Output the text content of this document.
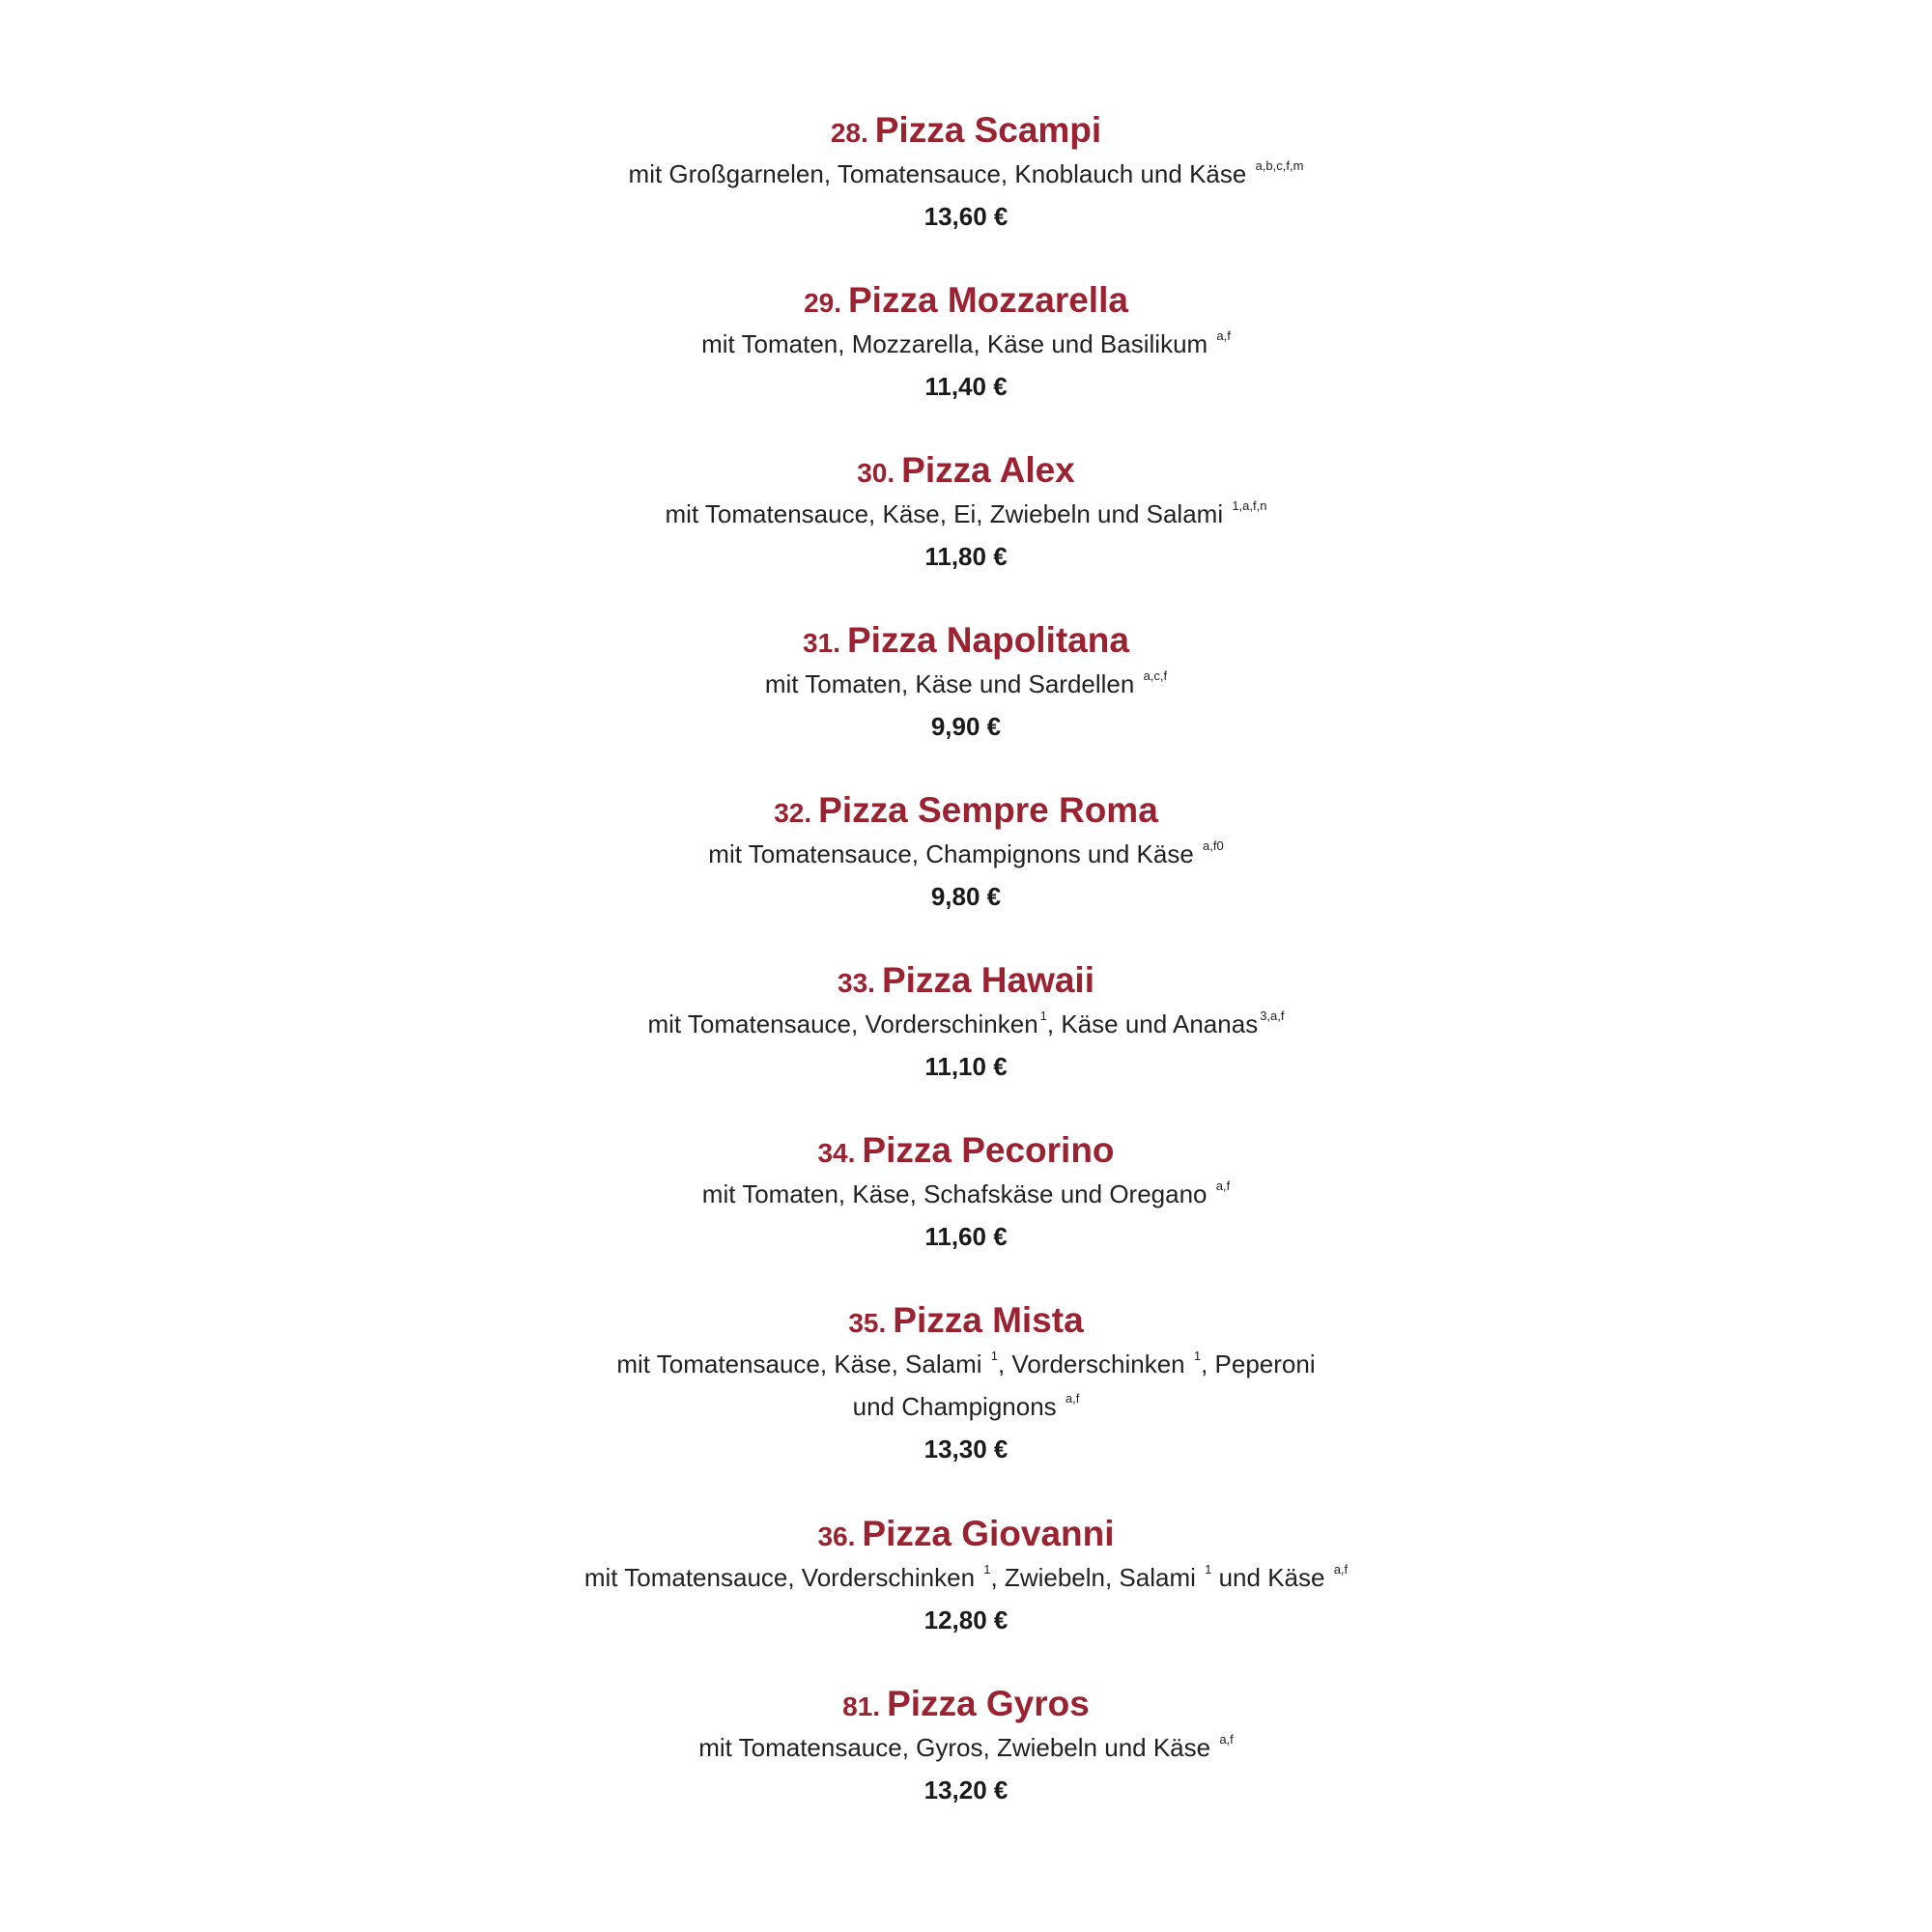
28. Pizza Scampi
mit Großgarnelen, Tomatensauce, Knoblauch und Käse $^{a,b,c,f,m}$
13,60 €
29. Pizza Mozzarella
mit Tomaten, Mozzarella, Käse und Basilikum $^{a,f}$
11,40 €
30. Pizza Alex
mit Tomatensauce, Käse, Ei, Zwiebeln und Salami $^{1,a,f,n}$
11,80 €
31. Pizza Napolitana
mit Tomaten, Käse und Sardellen $^{a,c,f}$
9,90 €
32. Pizza Sempre Roma
mit Tomatensauce, Champignons und Käse $^{a,f0}$
9,80 €
33. Pizza Hawaii
mit Tomatensauce, Vorderschinken $^1$, Käse und Ananas $^{3,a,f}$
11,10 €
34. Pizza Pecorino
mit Tomaten, Käse, Schafskäse und Oregano $^{a,f}$
11,60 €
35. Pizza Mista
mit Tomatensauce, Käse, Salami $^1$, Vorderschinken $^1$, Peperoni
und Champignons $^{a,f}$
13,30 €
36. Pizza Giovanni
mit Tomatensauce, Vorderschinken $^1$, Zwiebeln, Salami $^1$ und Käse $^{a,f}$
12,80 €
81. Pizza Gyros
mit Tomatensauce, Gyros, Zwiebeln und Käse $^{a,f}$
13,20 €
